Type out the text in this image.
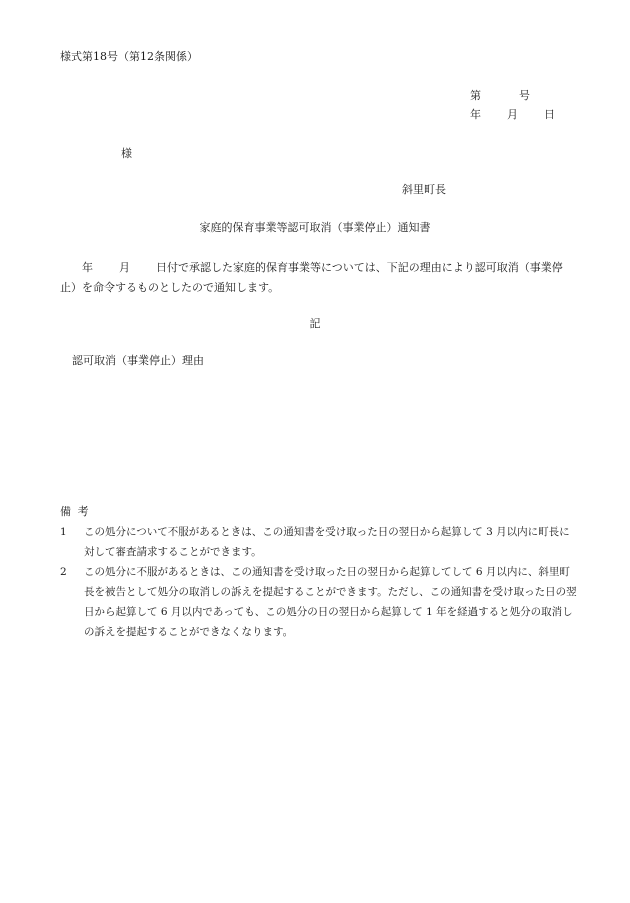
様式第18号（第12条関係）
第	号
年 月 日
様
斜里町長
家庭的保育事業等認可取消（事業停止）通知書
年 月 日付で承認した家庭的保育事業等については、下記の理由により認可取消（事業停止）を命令するものとしたので通知します。
記
認可取消（事業停止）理由
備考
1 この処分について不服があるときは、この通知書を受け取った日の翌日から起算して 3 月以内に町長に対して審査請求することができます。
2 この処分に不服があるときは、この通知書を受け取った日の翌日から起算してして 6 月以内に、斜里町長を被告として処分の取消しの訴えを提起することができます。ただし、この通知書を受け取った日の翌日から起算して 6 月以内であっても、この処分の日の翌日から起算して 1 年を経過すると処分の取消しの訴えを提起することができなくなります。
